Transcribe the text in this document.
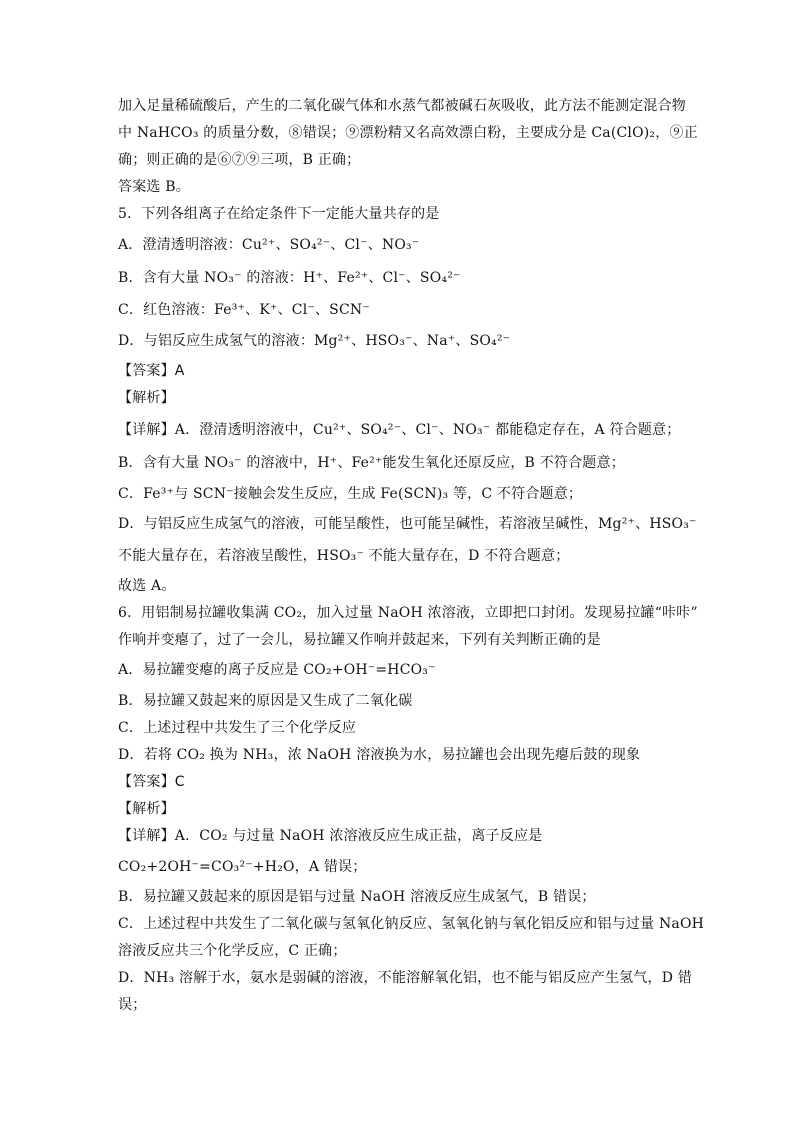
加入足量稀硫酸后，产生的二氧化碳气体和水蒸气都被碱石灰吸收，此方法不能测定混合物
中 NaHCO₃ 的质量分数，⑧错误；⑨漂粉精又名高效漂白粉，主要成分是 Ca(ClO)₂，⑨正
确；则正确的是⑥⑦⑨三项，B 正确；
答案选 B。
5．下列各组离子在给定条件下一定能大量共存的是
A．澄清透明溶液：Cu²⁺、SO₄²⁻、Cl⁻、NO₃⁻
B．含有大量 NO₃⁻ 的溶液：H⁺、Fe²⁺、Cl⁻、SO₄²⁻
C．红色溶液：Fe³⁺、K⁺、Cl⁻、SCN⁻
D．与铝反应生成氢气的溶液：Mg²⁺、HSO₃⁻、Na⁺、SO₄²⁻
【答案】A
【解析】
【详解】A．澄清透明溶液中，Cu²⁺、SO₄²⁻、Cl⁻、NO₃⁻ 都能稳定存在，A 符合题意；
B．含有大量 NO₃⁻ 的溶液中，H⁺、Fe²⁺能发生氧化还原反应，B 不符合题意；
C．Fe³⁺与 SCN⁻接触会发生反应，生成 Fe(SCN)₃ 等，C 不符合题意；
D．与铝反应生成氢气的溶液，可能呈酸性，也可能呈碱性，若溶液呈碱性，Mg²⁺、HSO₃⁻
不能大量存在，若溶液呈酸性，HSO₃⁻ 不能大量存在，D 不符合题意；
故选 A。
6．用铝制易拉罐收集满 CO₂，加入过量 NaOH 浓溶液，立即把口封闭。发现易拉罐“咔咔”
作响并变瘪了，过了一会儿，易拉罐又作响并鼓起来，下列有关判断正确的是
A．易拉罐变瘪的离子反应是 CO₂+OH⁻=HCO₃⁻
B．易拉罐又鼓起来的原因是又生成了二氧化碳
C．上述过程中共发生了三个化学反应
D．若将 CO₂ 换为 NH₃，浓 NaOH 溶液换为水，易拉罐也会出现先瘪后鼓的现象
【答案】C
【解析】
【详解】A．CO₂ 与过量 NaOH 浓溶液反应生成正盐，离子反应是
CO₂+2OH⁻=CO₃²⁻+H₂O，A 错误；
B．易拉罐又鼓起来的原因是铝与过量 NaOH 溶液反应生成氢气，B 错误；
C．上述过程中共发生了二氧化碳与氢氧化钠反应、氢氧化钠与氧化铝反应和铝与过量 NaOH
溶液反应共三个化学反应，C 正确；
D．NH₃ 溶解于水，氨水是弱碱的溶液，不能溶解氧化铝，也不能与铝反应产生氢气，D 错
误；
